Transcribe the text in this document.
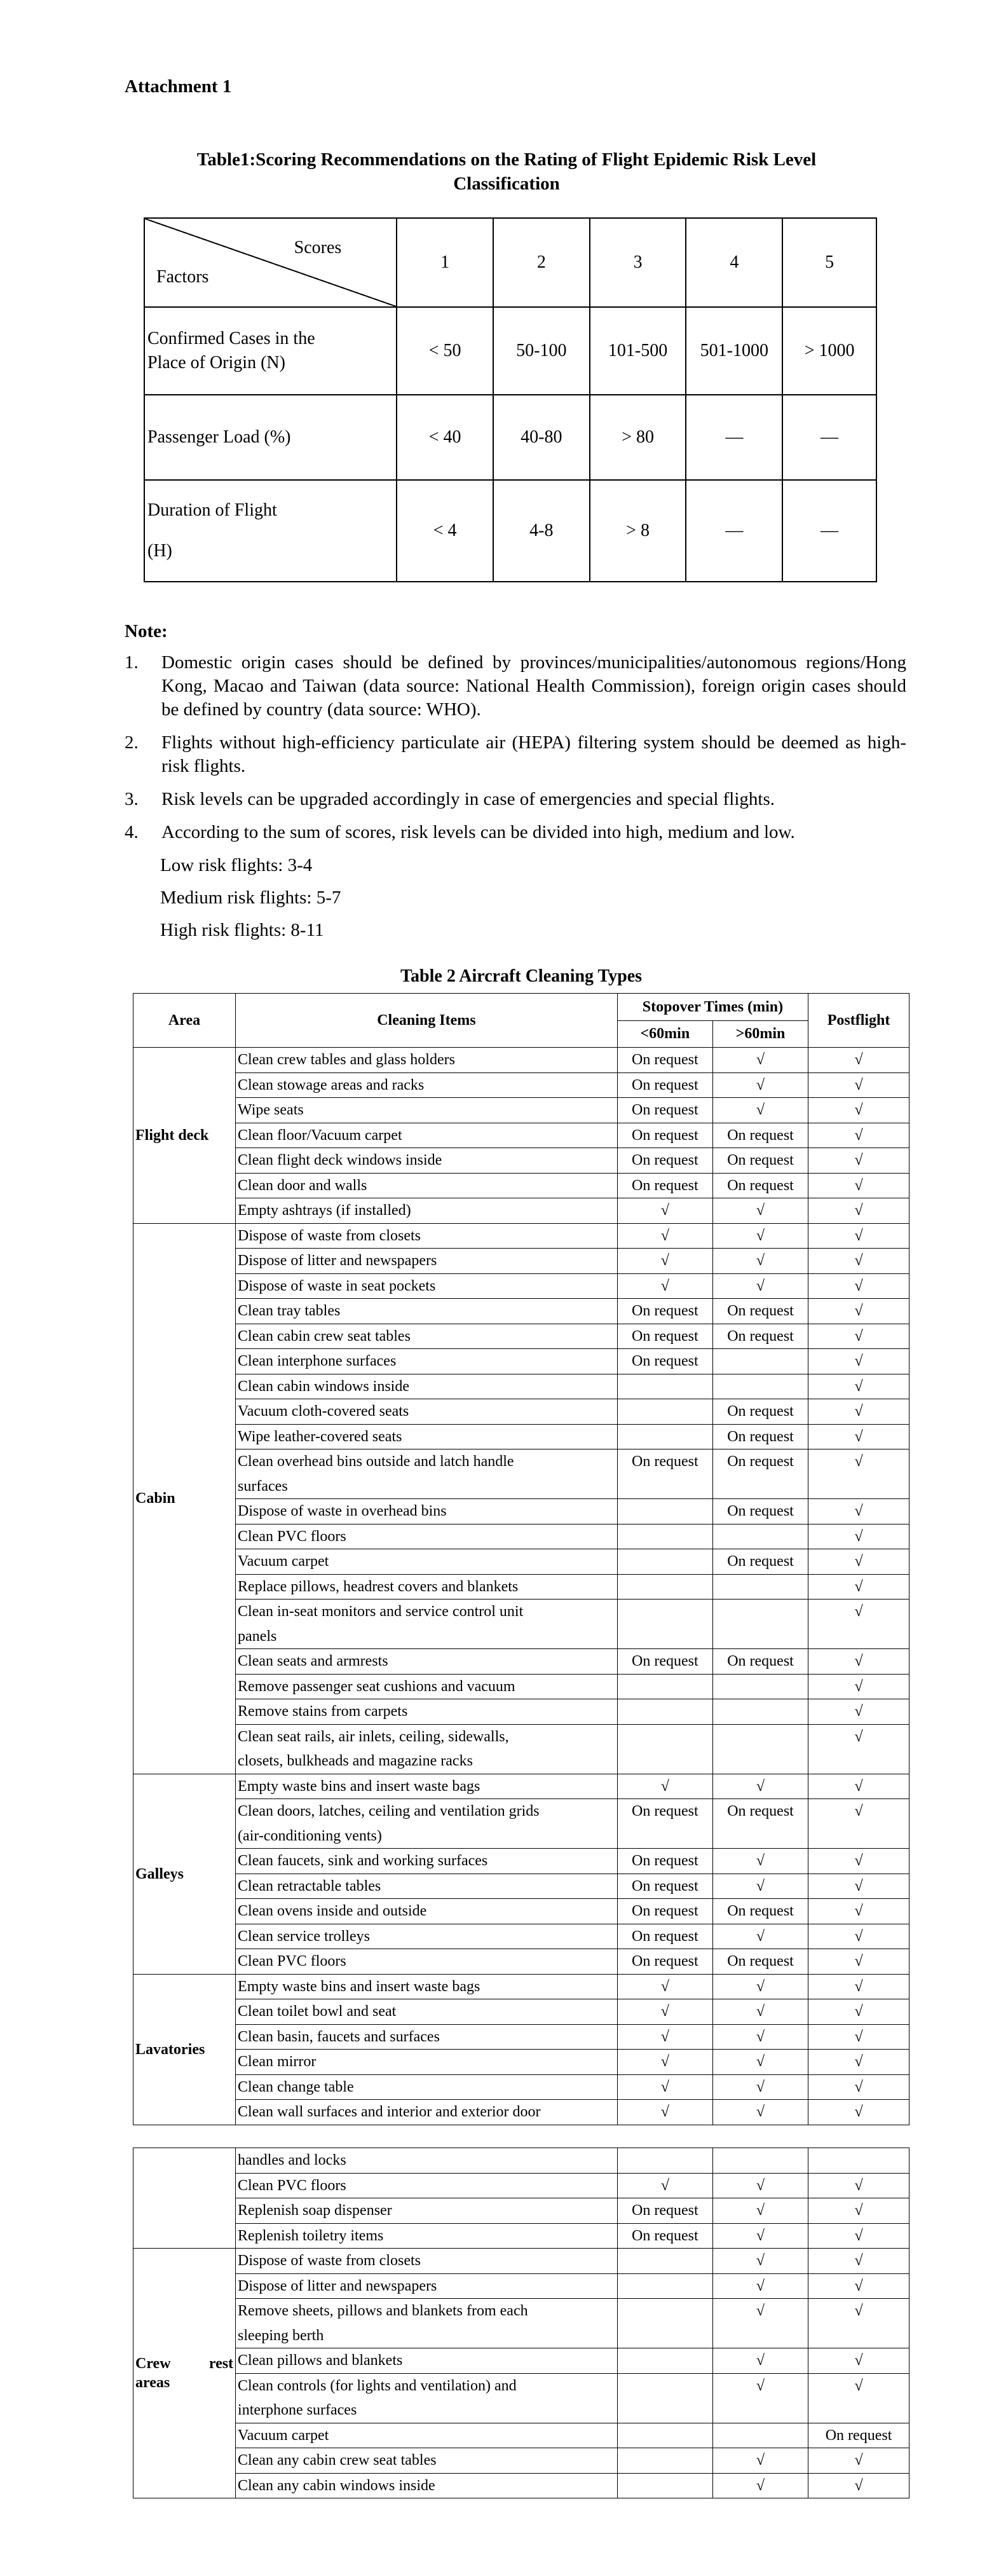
Attachment 1
Table1:Scoring Recommendations on the Rating of Flight Epidemic Risk Level
Classification
Scores
Factors	1	2	3	4	5

Confirmed Cases in the
Place of Origin (N)	< 50	50-100	101-500	501-1000	> 1000

Passenger Load (%)	< 40	40-80	> 80	—	—

Duration of Flight
(H)	< 4	4-8	> 8	—	—
Note:
1.	Domestic origin cases should be defined by provinces/municipalities/autonomous regions/Hong Kong, Macao and Taiwan (data source: National Health Commission), foreign origin cases should be defined by country (data source: WHO).
2.	Flights without high-efficiency particulate air (HEPA) filtering system should be deemed as high-risk flights.
3.	Risk levels can be upgraded accordingly in case of emergencies and special flights.
4.	According to the sum of scores, risk levels can be divided into high, medium and low.
Low risk flights: 3-4
Medium risk flights: 5-7
High risk flights: 8-11
Table 2 Aircraft Cleaning Types
Area	Cleaning Items	Stopover Times (min)		Postflight
		<60min	>60min	
Flight deck	Clean crew tables and glass holders	On request	√	√

	Clean stowage areas and racks	On request	√	√

	Wipe seats	On request	√	√

	Clean floor/Vacuum carpet	On request	On request	√

	Clean flight deck windows inside	On request	On request	√

	Clean door and walls	On request	On request	√

	Empty ashtrays (if installed)	√	√	√
Cabin	Dispose of waste from closets	√	√	√

	Dispose of litter and newspapers	√	√	√

	Dispose of waste in seat pockets	√	√	√

	Clean tray tables	On request	On request	√

	Clean cabin crew seat tables	On request	On request	√

	Clean interphone surfaces	On request		√

	Clean cabin windows inside			√

	Vacuum cloth-covered seats		On request	√

	Wipe leather-covered seats		On request	√

	Clean overhead bins outside and latch handle
surfaces	On request	On request	√

	Dispose of waste in overhead bins		On request	√

	Clean PVC floors			√

	Vacuum carpet		On request	√

	Replace pillows, headrest covers and blankets			√

	Clean in-seat monitors and service control unit
panels			√

	Clean seats and armrests	On request	On request	√

	Remove passenger seat cushions and vacuum			√

	Remove stains from carpets			√

	Clean seat rails, air inlets, ceiling, sidewalls,
closets, bulkheads and magazine racks			√
Galleys	Empty waste bins and insert waste bags	√	√	√

	Clean doors, latches, ceiling and ventilation grids
(air-conditioning vents)	On request	On request	√

	Clean faucets, sink and working surfaces	On request	√	√

	Clean retractable tables	On request	√	√

	Clean ovens inside and outside	On request	On request	√

	Clean service trolleys	On request	√	√

	Clean PVC floors	On request	On request	√
Lavatories	Empty waste bins and insert waste bags	√	√	√

	Clean toilet bowl and seat	√	√	√

	Clean basin, faucets and surfaces	√	√	√

	Clean mirror	√	√	√

	Clean change table	√	√	√

	Clean wall surfaces and interior and exterior door	√	√	√

	handles and locks			

	Clean PVC floors	√	√	√

	Replenish soap dispenser	On request	√	√

	Replenish toiletry items	On request	√	√

Crew rest
areas	Dispose of waste from closets		√	√

	Dispose of litter and newspapers		√	√

	Remove sheets, pillows and blankets from each
sleeping berth		√	√

	Clean pillows and blankets		√	√

	Clean controls (for lights and ventilation) and
interphone surfaces		√	√

	Vacuum carpet			On request

	Clean any cabin crew seat tables		√	√

	Clean any cabin windows inside		√	√
